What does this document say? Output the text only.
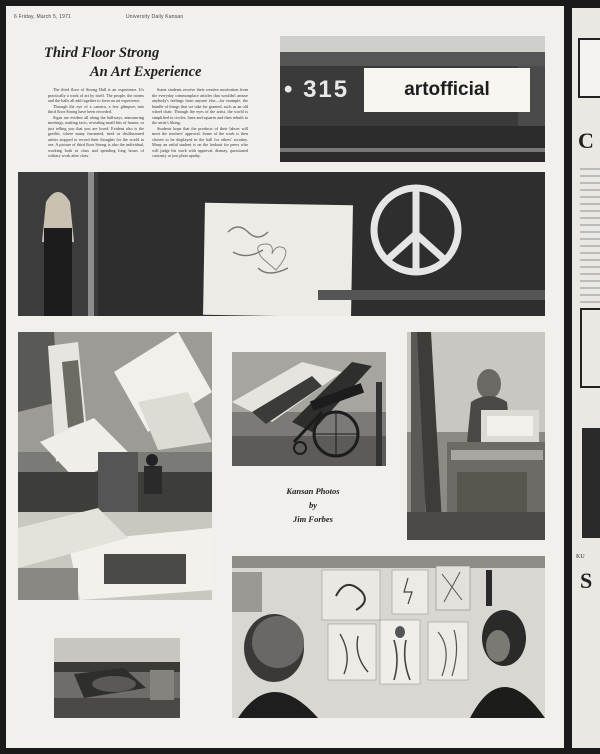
C
KU
S
6 Friday, March 5, 1971	University Daily Kansan
Third Floor Strong
An Art Experience

The third floor of Strong Hall is an experience. It's practically a work of art by itself. The people, the rooms and the halls all add together to form an art experience.

Through the eye of a camera, a few glimpses into third floor Strong have been recorded.

Signs are evident all along the hallways, announcing meetings, making facts, revealing small bits of humor, or just telling you that you are loved. Evident also is the graffiti, where many frustrated, tired or disillusioned artists stopped to record their thoughts for the world to see. A picture of third floor Strong is also the individual, working both in class and spending long hours of solitary work after class.

Some students receive their creative motivation from the everyday commonplace articles that wouldn't arouse anybody's feelings from anyone else—for example, the bundle of things that we take for granted, such as an old wheel chair. Through the eyes of the artist, the world is simplified to circles, lines and squares and then rebuilt to the artist's liking.

Students hope that the products of their labors will meet the teachers' approval. Some of the work is then chosen to be displayed in the hall for others' scrutiny. Many an artful student is on the lookout for peers who will judge his work with approval, dismay, questioned curiosity or just plain apathy.

• 315	artofficial
Kansan Photos
by
Jim Forbes
